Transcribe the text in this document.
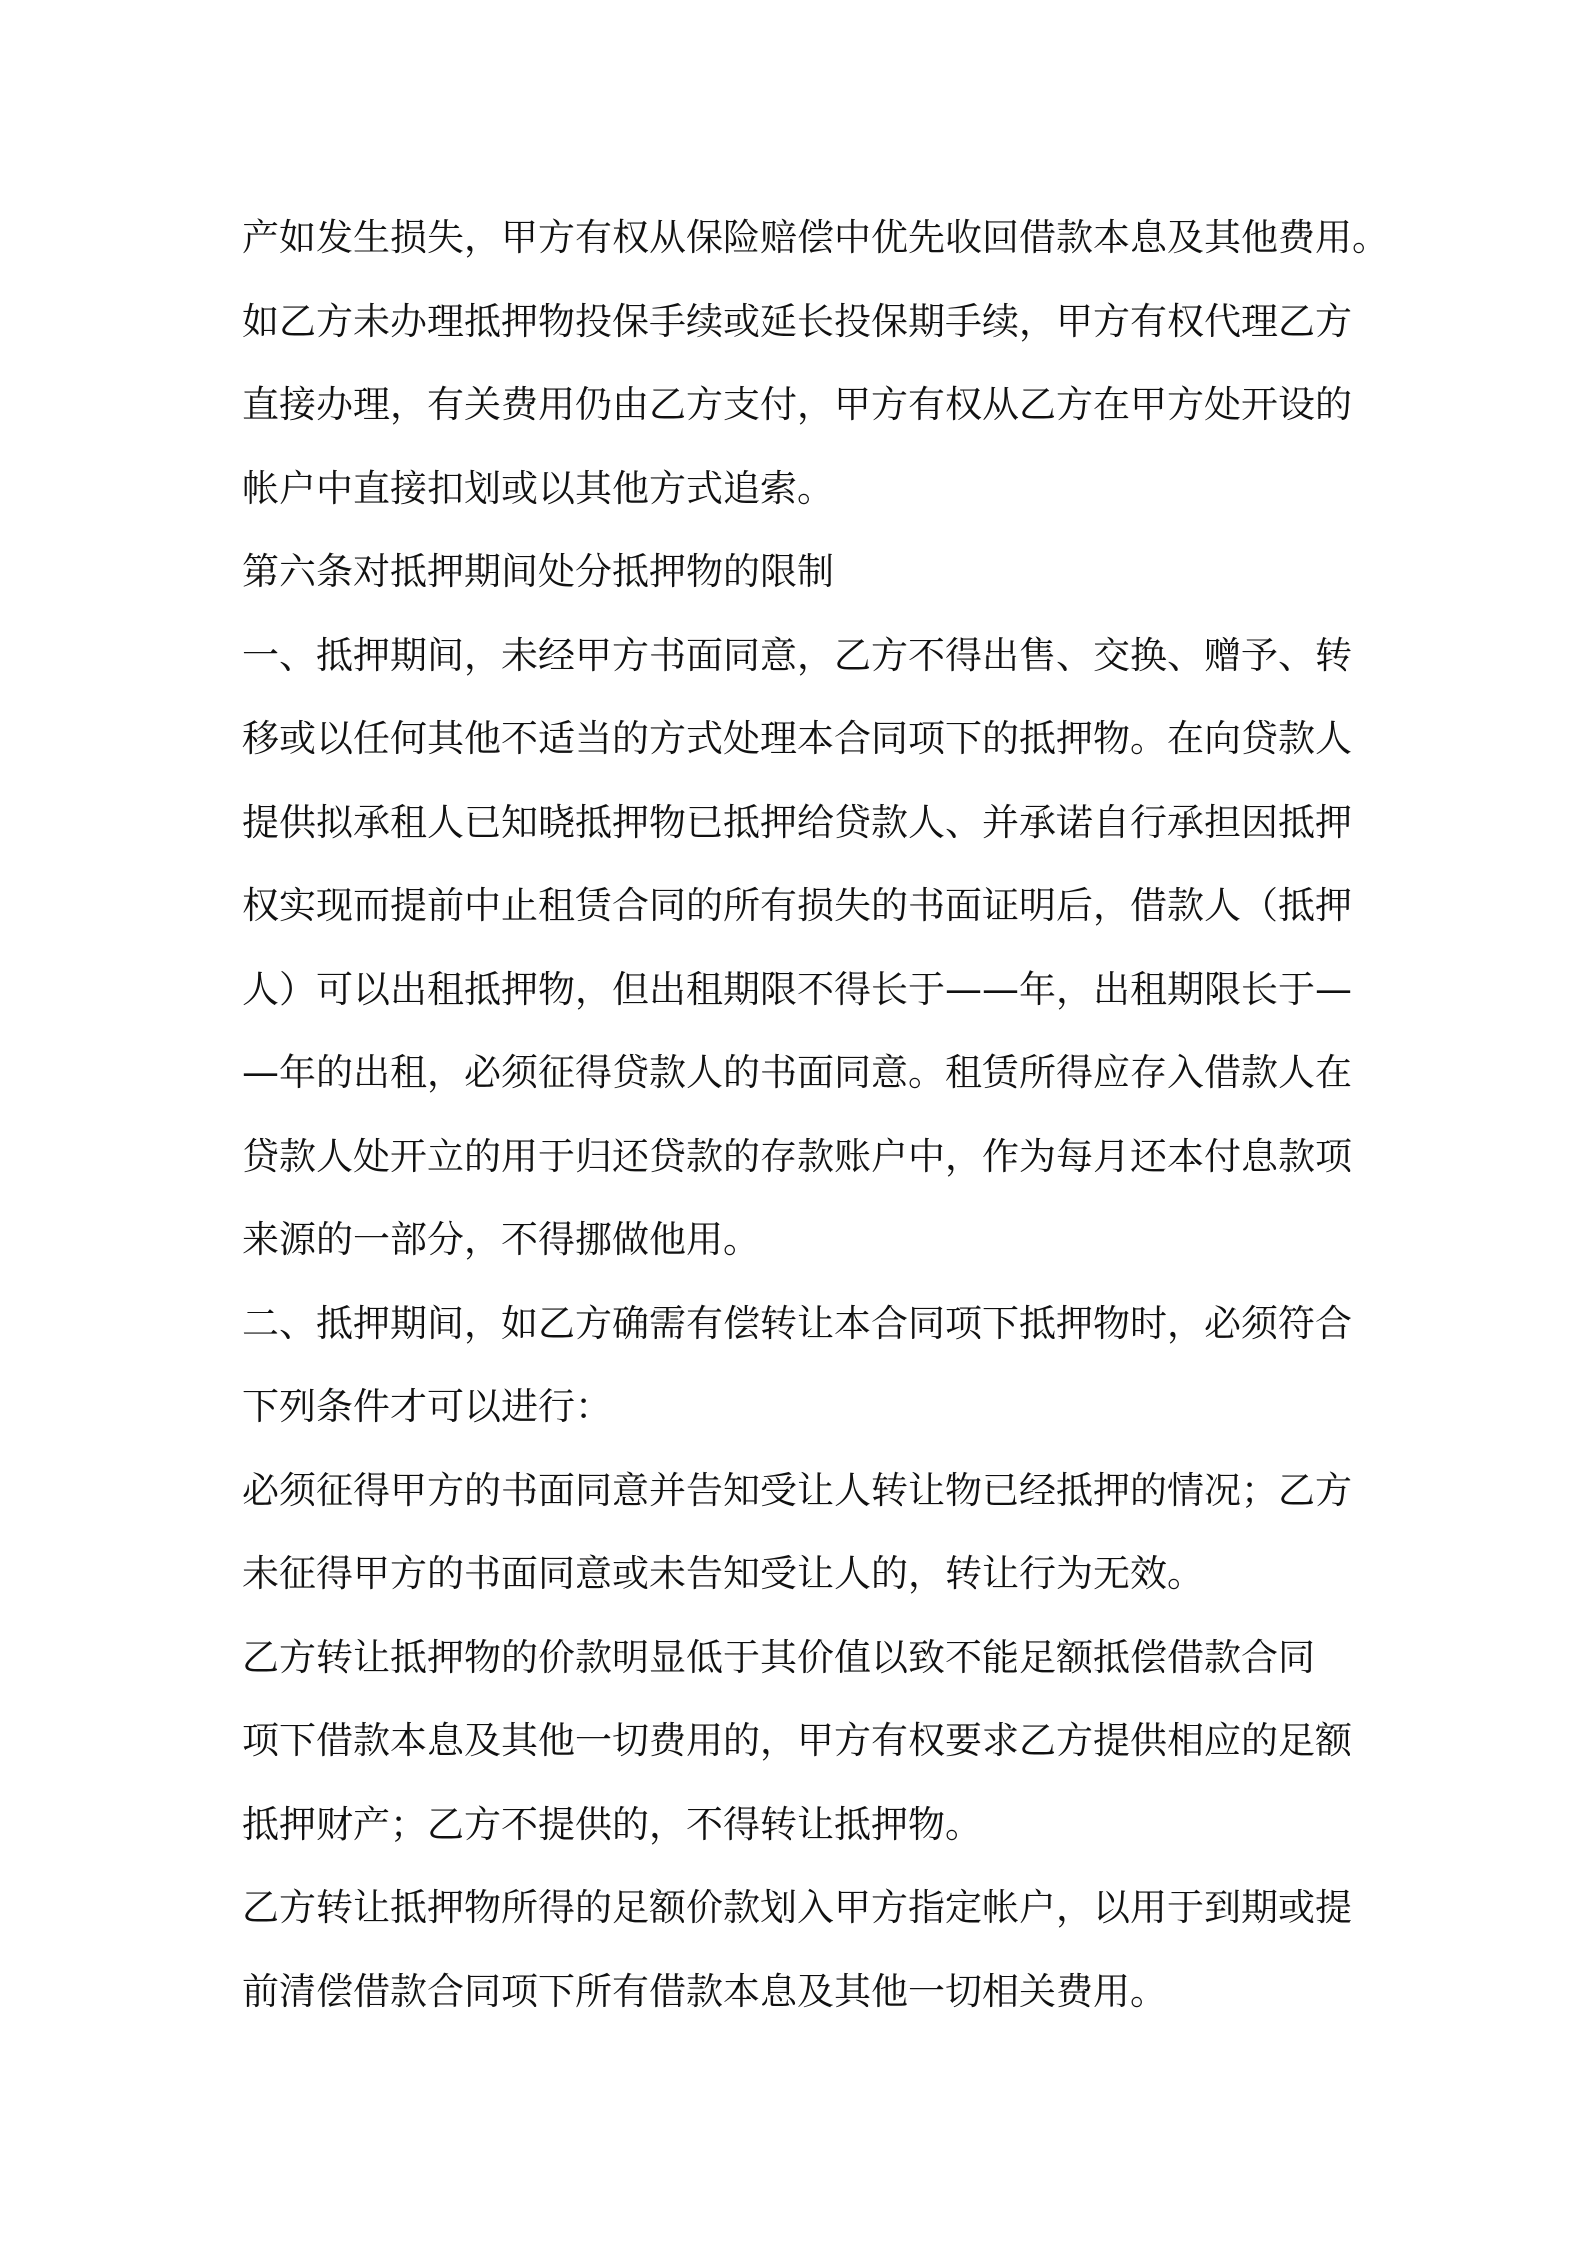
产如发生损失，甲方有权从保险赔偿中优先收回借款本息及其他费用。
如乙方未办理抵押物投保手续或延长投保期手续，甲方有权代理乙方
直接办理，有关费用仍由乙方支付，甲方有权从乙方在甲方处开设的
帐户中直接扣划或以其他方式追索。
第六条对抵押期间处分抵押物的限制
一、抵押期间，未经甲方书面同意，乙方不得出售、交换、赠予、转
移或以任何其他不适当的方式处理本合同项下的抵押物。在向贷款人
提供拟承租人已知晓抵押物已抵押给贷款人、并承诺自行承担因抵押
权实现而提前中止租赁合同的所有损失的书面证明后，借款人（抵押
人）可以出租抵押物，但出租期限不得长于——年，出租期限长于—
—年的出租，必须征得贷款人的书面同意。租赁所得应存入借款人在
贷款人处开立的用于归还贷款的存款账户中，作为每月还本付息款项
来源的一部分，不得挪做他用。
二、抵押期间，如乙方确需有偿转让本合同项下抵押物时，必须符合
下列条件才可以进行：
必须征得甲方的书面同意并告知受让人转让物已经抵押的情况；乙方
未征得甲方的书面同意或未告知受让人的，转让行为无效。
乙方转让抵押物的价款明显低于其价值以致不能足额抵偿借款合同
项下借款本息及其他一切费用的，甲方有权要求乙方提供相应的足额
抵押财产；乙方不提供的，不得转让抵押物。
乙方转让抵押物所得的足额价款划入甲方指定帐户，以用于到期或提
前清偿借款合同项下所有借款本息及其他一切相关费用。
